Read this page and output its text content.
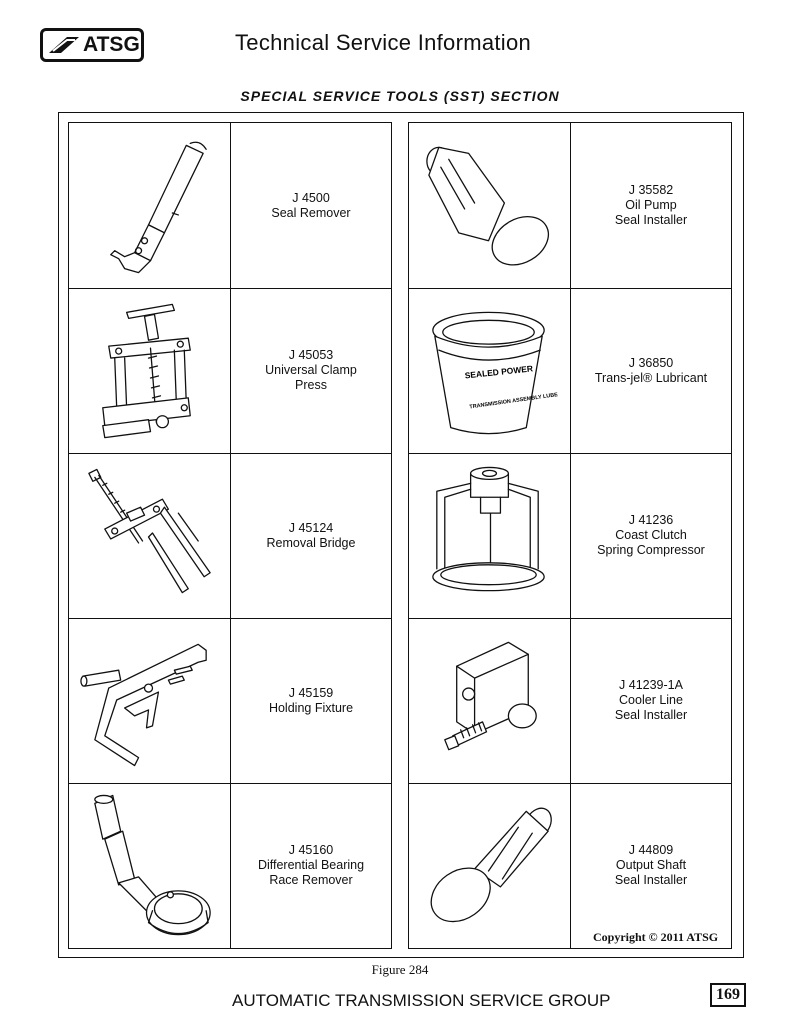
ATSG	Technical Service Information
SPECIAL SERVICE TOOLS (SST) SECTION
J 4500
Seal Remover
J 45053
Universal Clamp
Press
J 45124
Removal Bridge
J 45159
Holding Fixture
J 45160
Differential Bearing
Race Remover
J 35582
Oil Pump
Seal Installer
SEALED POWER
TRANSMISSION ASSEMBLY LUBE
J 36850
Trans-jel® Lubricant
J 41236
Coast Clutch
Spring Compressor
J 41239-1A
Cooler Line
Seal Installer
J 44809
Output Shaft
Seal Installer
Copyright © 2011 ATSG
Figure 284
AUTOMATIC TRANSMISSION SERVICE GROUP	169
